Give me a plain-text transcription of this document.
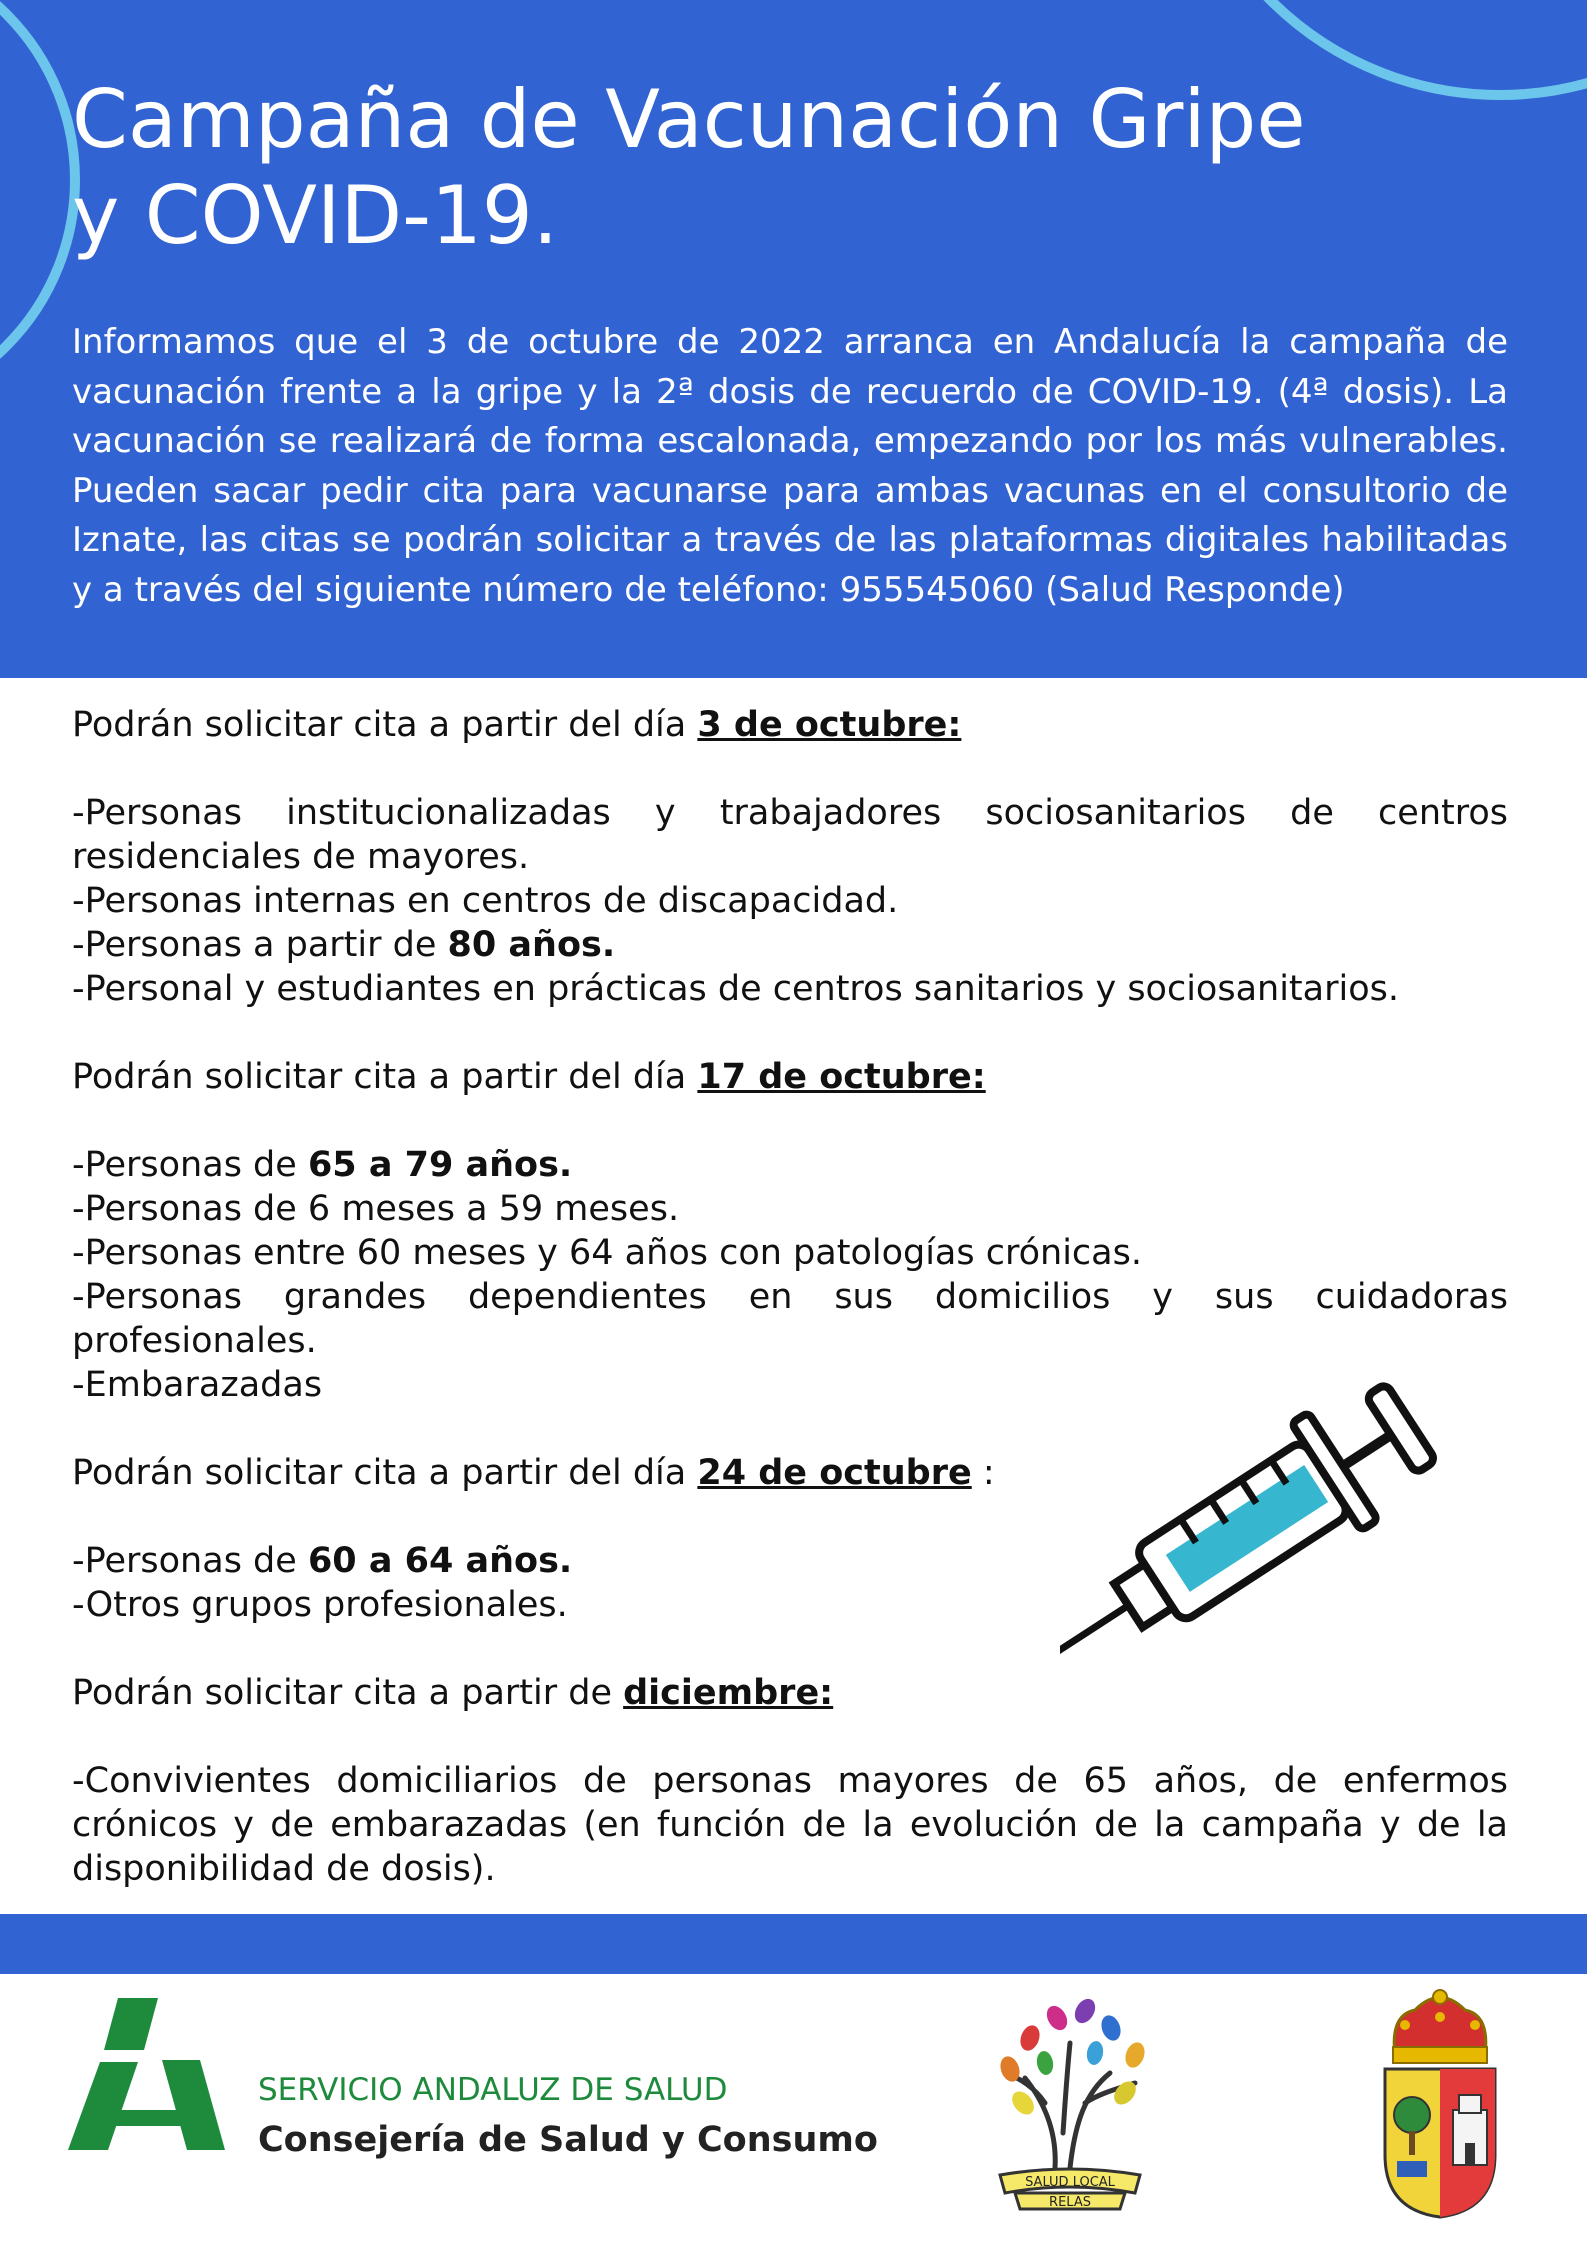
Campaña de Vacunación Gripe
y COVID-19.

Informamos que el 3 de octubre de 2022 arranca en Andalucía la campaña de vacunación frente a la gripe y la 2ª dosis de recuerdo de COVID-19. (4ª dosis). La vacunación se realizará de forma escalonada, empezando por los más vulnerables. Pueden sacar pedir cita para vacunarse para ambas vacunas en el consultorio de Iznate, las citas se podrán solicitar a través de las plataformas digitales habilitadas y a través del siguiente número de teléfono: 955545060 (Salud Responde)

Podrán solicitar cita a partir del día 3 de octubre:

-Personas institucionalizadas y trabajadores sociosanitarios de centros residenciales de mayores.

-Personas internas en centros de discapacidad.

-Personas a partir de 80 años.

-Personal y estudiantes en prácticas de centros sanitarios y sociosanitarios.

Podrán solicitar cita a partir del día 17 de octubre:

-Personas de 65 a 79 años.

-Personas de 6 meses a 59 meses.

-Personas entre 60 meses y 64 años con patologías crónicas.

-Personas grandes dependientes en sus domicilios y sus cuidadoras profesionales.

-Embarazadas

Podrán solicitar cita a partir del día 24 de octubre :

-Personas de 60 a 64 años.

-Otros grupos profesionales.

Podrán solicitar cita a partir de diciembre:

-Convivientes domiciliarios de personas mayores de 65 años, de enfermos crónicos y de embarazadas (en función de la evolución de la campaña y de la disponibilidad de dosis).

SERVICIO ANDALUZ DE SALUD

Consejería de Salud y Consumo

SALUD LOCAL
RELAS
